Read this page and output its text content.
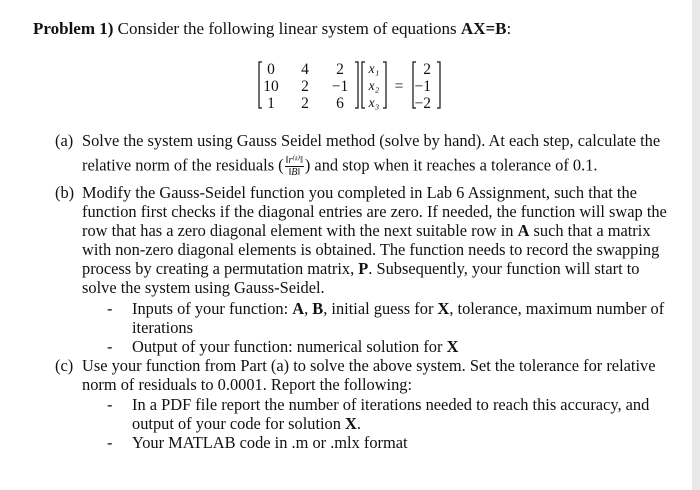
Problem 1) Consider the following linear system of equations AX=B:
0 4 2
10 2 −1
1 2 6
x₁
x₂
x₃
=
2
−1
−2
(a) Solve the system using Gauss Seidel method (solve by hand). At each step, calculate the
relative norm of the residuals ( $\frac{\text{‖r⁽ᵏ⁾‖}}{‖B‖}$ ) and stop when it reaches a tolerance of 0.1.
(b) Modify the Gauss-Seidel function you completed in Lab 6 Assignment, such that the
function first checks if the diagonal entries are zero. If needed, the function will swap the
row that has a zero diagonal element with the next suitable row in A such that a matrix
with non-zero diagonal elements is obtained. The function needs to record the swapping
process by creating a permutation matrix, P. Subsequently, your function will start to
solve the system using Gauss-Seidel.
- Inputs of your function: A, B, initial guess for X, tolerance, maximum number of
iterations
- Output of your function: numerical solution for X
(c) Use your function from Part (a) to solve the above system. Set the tolerance for relative
norm of residuals to 0.0001. Report the following:
- In a PDF file report the number of iterations needed to reach this accuracy, and
output of your code for solution X.
- Your MATLAB code in .m or .mlx format
